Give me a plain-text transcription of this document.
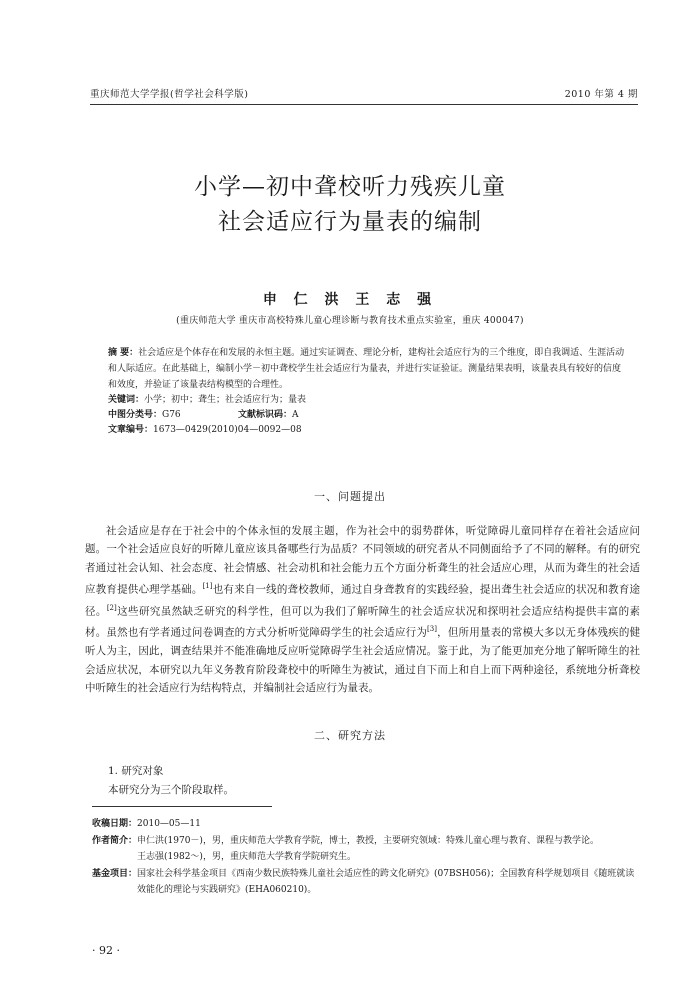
重庆师范大学学报(哲学社会科学版)	2010 年第 4 期
小学—初中聋校听力残疾儿童
社会适应行为量表的编制
申 仁 洪 王 志 强
(重庆师范大学 重庆市高校特殊儿童心理诊断与教育技术重点实验室，重庆 400047)
摘 要：社会适应是个体存在和发展的永恒主题。通过实证调查、理论分析，建构社会适应行为的三个维度，即自我调适、生涯活动和人际适应。在此基础上，编制小学－初中聋校学生社会适应行为量表，并进行实证验证。测量结果表明，该量表具有较好的信度和效度，并验证了该量表结构模型的合理性。
关键词：小学；初中；聋生；社会适应行为；量表
中图分类号：G76	文献标识码：A
文章编号：1673—0429(2010)04—0092—08
一、问题提出
社会适应是存在于社会中的个体永恒的发展主题，作为社会中的弱势群体，听觉障碍儿童同样存在着社会适应问题。一个社会适应良好的听障儿童应该具备哪些行为品质？不同领域的研究者从不同侧面给予了不同的解释。有的研究者通过社会认知、社会态度、社会情感、社会动机和社会能力五个方面分析聋生的社会适应心理，从而为聋生的社会适应教育提供心理学基础。[1]也有来自一线的聋校教师，通过自身聋教育的实践经验，提出聋生社会适应的状况和教育途径。[2]这些研究虽然缺乏研究的科学性，但可以为我们了解听障生的社会适应状况和探明社会适应结构提供丰富的素材。虽然也有学者通过问卷调查的方式分析听觉障碍学生的社会适应行为[3]，但所用量表的常模大多以无身体残疾的健听人为主，因此，调查结果并不能准确地反应听觉障碍学生社会适应情况。鉴于此，为了能更加充分地了解听障生的社会适应状况，本研究以九年义务教育阶段聋校中的听障生为被试，通过自下而上和自上而下两种途径，系统地分析聋校中听障生的社会适应行为结构特点，并编制社会适应行为量表。
二、研究方法
1. 研究对象
本研究分为三个阶段取样。
收稿日期：2010—05—11
作者简介： 申仁洪(1970－)，男，重庆师范大学教育学院，博士，教授，主要研究领域：特殊儿童心理与教育、课程与教学论。
王志强(1982～)，男，重庆师范大学教育学院研究生。
基金项目： 国家社会科学基金项目《西南少数民族特殊儿童社会适应性的跨文化研究》(07BSH056)；全国教育科学规划项目《随班就读效能化的理论与实践研究》(EHA060210)。
· 92 ·
